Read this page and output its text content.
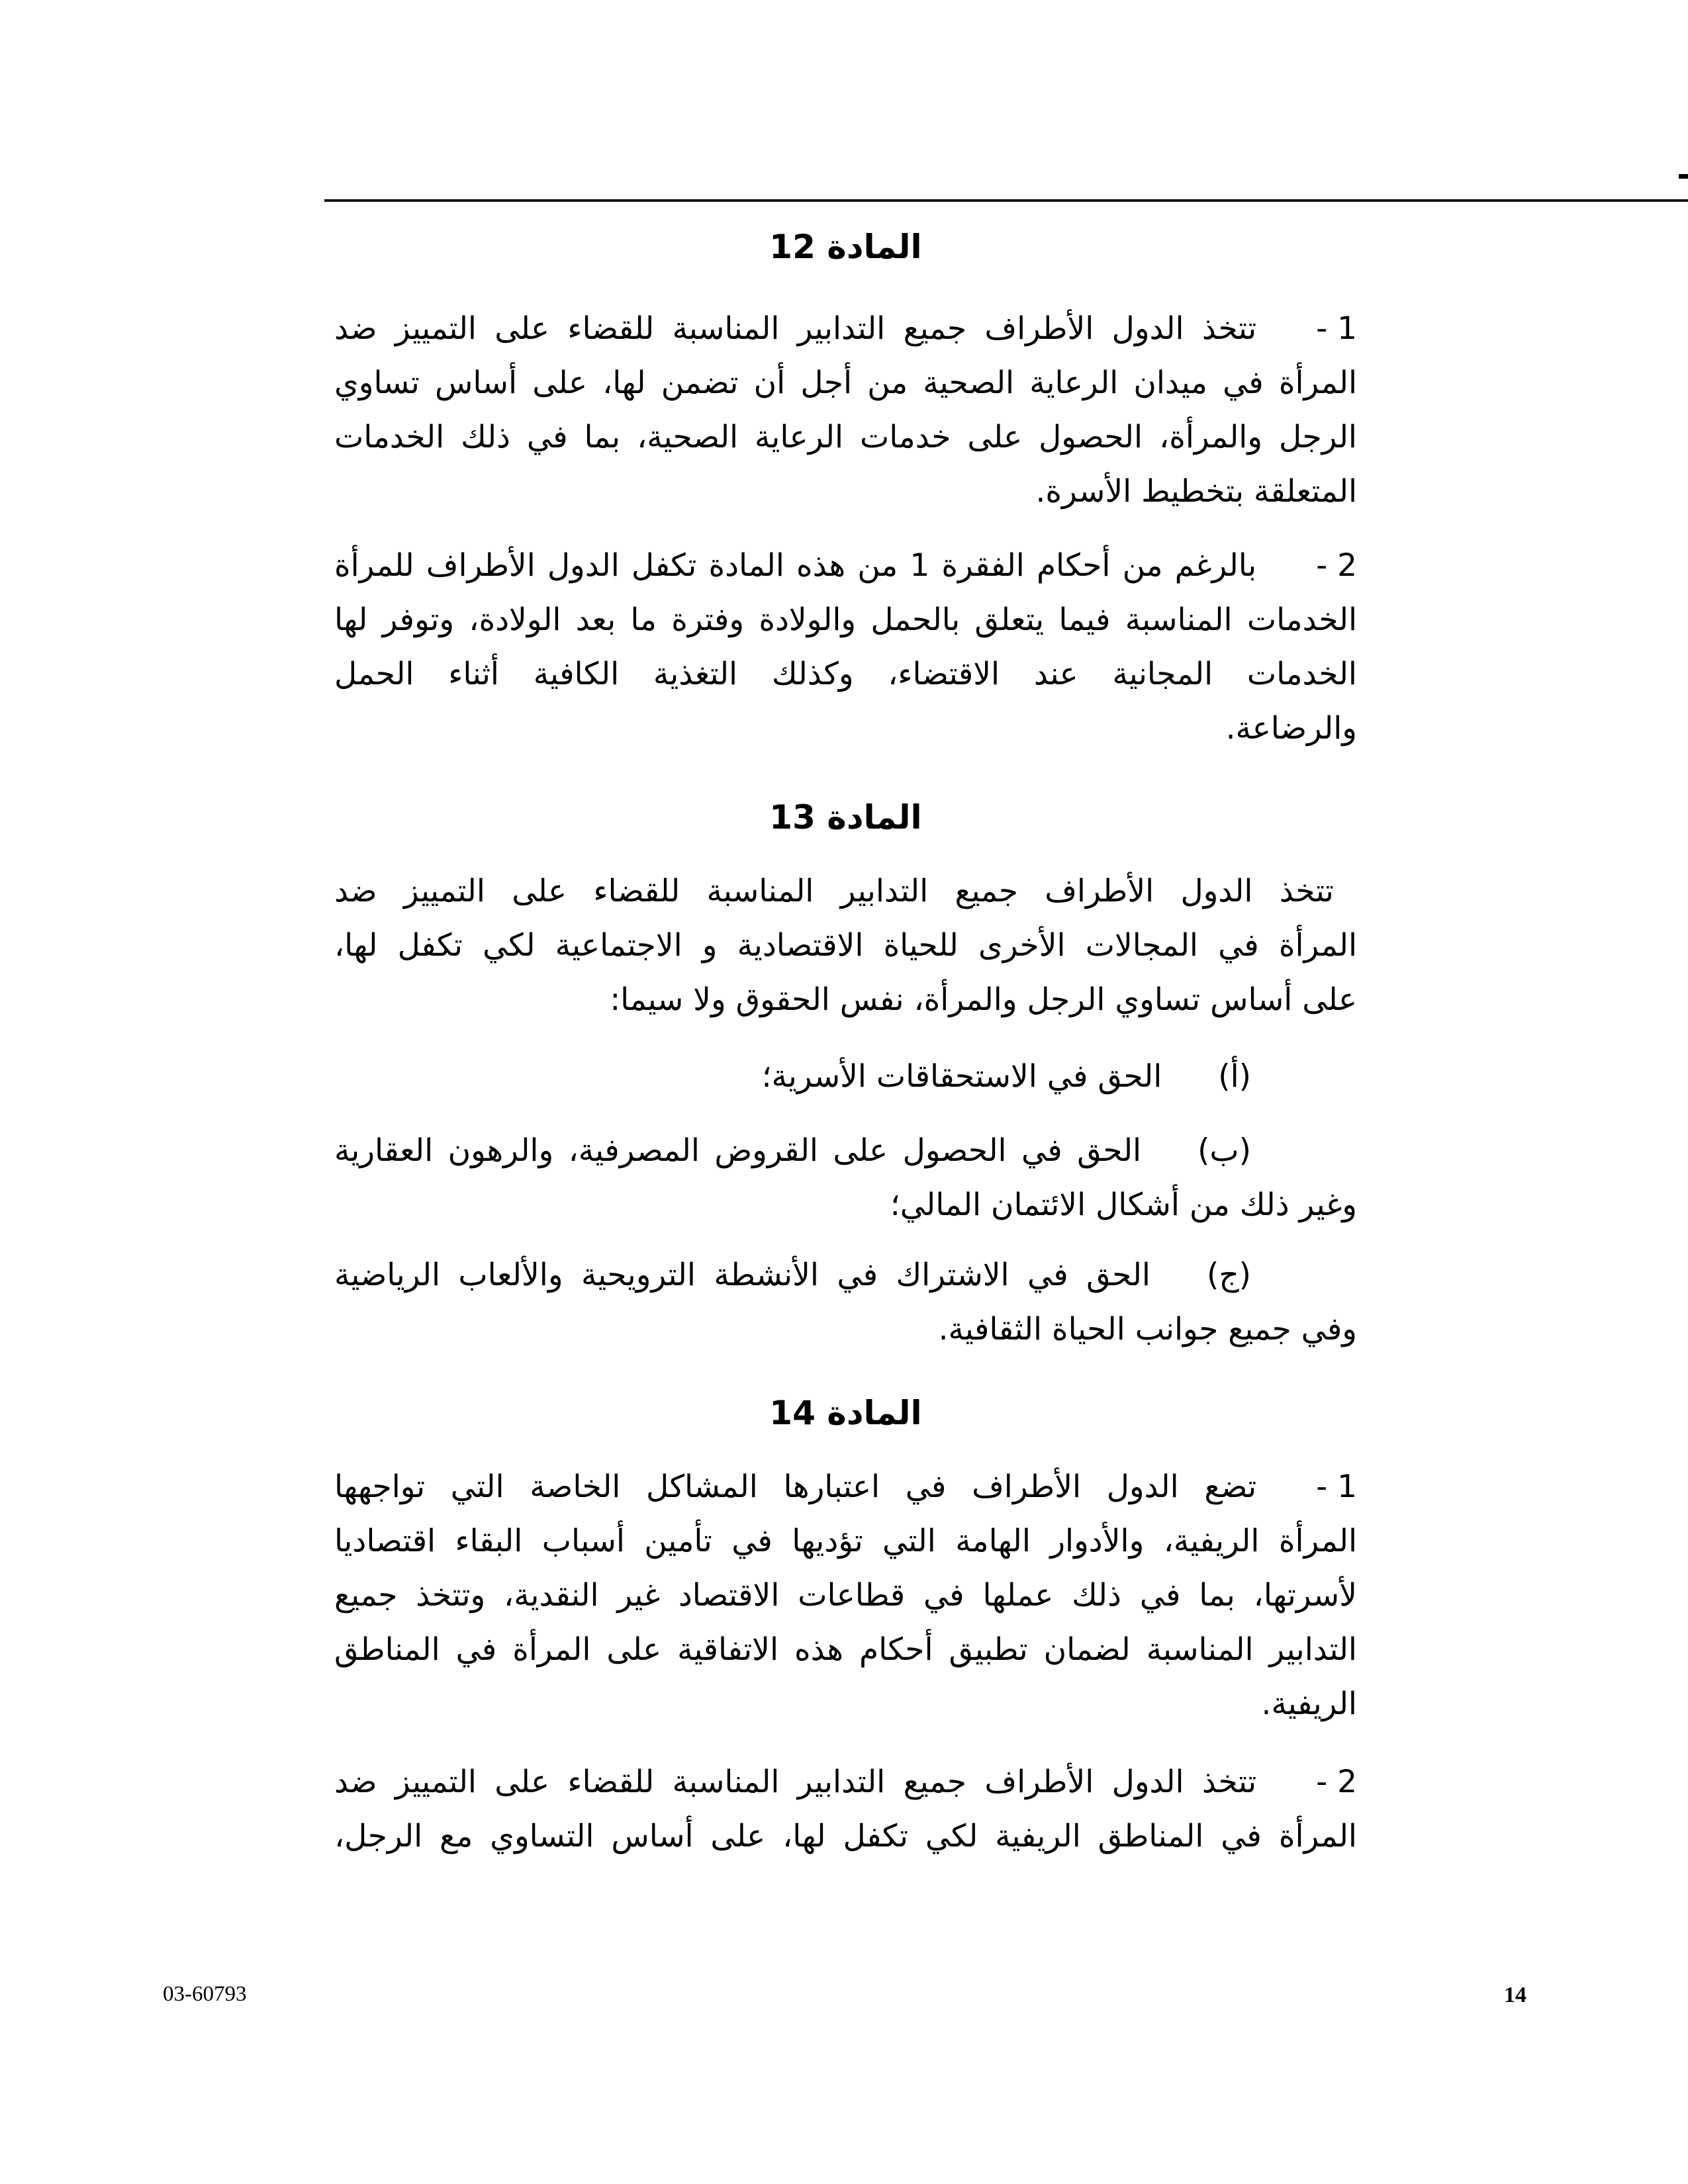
المادة 12
1 -تتخذ الدول الأطراف جميع التدابير المناسبة للقضاء على التمييز ضد
المرأة في ميدان الرعاية الصحية من أجل أن تضمن لها، على أساس تساوي
الرجل والمرأة، الحصول على خدمات الرعاية الصحية، بما في ذلك الخدمات
المتعلقة بتخطيط الأسرة.
2 -بالرغم من أحكام الفقرة 1 من هذه المادة تكفل الدول الأطراف للمرأة
الخدمات المناسبة فيما يتعلق بالحمل والولادة وفترة ما بعد الولادة، وتوفر لها
الخدمات المجانية عند الاقتضاء، وكذلك التغذية الكافية أثناء الحمل
والرضاعة.
المادة 13
تتخذ الدول الأطراف جميع التدابير المناسبة للقضاء على التمييز ضد
المرأة في المجالات الأخرى للحياة الاقتصادية و الاجتماعية لكي تكفل لها،
على أساس تساوي الرجل والمرأة، نفس الحقوق ولا سيما:
(أ)الحق في الاستحقاقات الأسرية؛
(ب)الحق في الحصول على القروض المصرفية، والرهون العقارية
وغير ذلك من أشكال الائتمان المالي؛
(ج)الحق في الاشتراك في الأنشطة الترويحية والألعاب الرياضية
وفي جميع جوانب الحياة الثقافية.
المادة 14
1 -تضع الدول الأطراف في اعتبارها المشاكل الخاصة التي تواجهها
المرأة الريفية، والأدوار الهامة التي تؤديها في تأمين أسباب البقاء اقتصاديا
لأسرتها، بما في ذلك عملها في قطاعات الاقتصاد غير النقدية، وتتخذ جميع
التدابير المناسبة لضمان تطبيق أحكام هذه الاتفاقية على المرأة في المناطق
الريفية.
2 -تتخذ الدول الأطراف جميع التدابير المناسبة للقضاء على التمييز ضد
المرأة في المناطق الريفية لكي تكفل لها، على أساس التساوي مع الرجل،
03-60793	14
